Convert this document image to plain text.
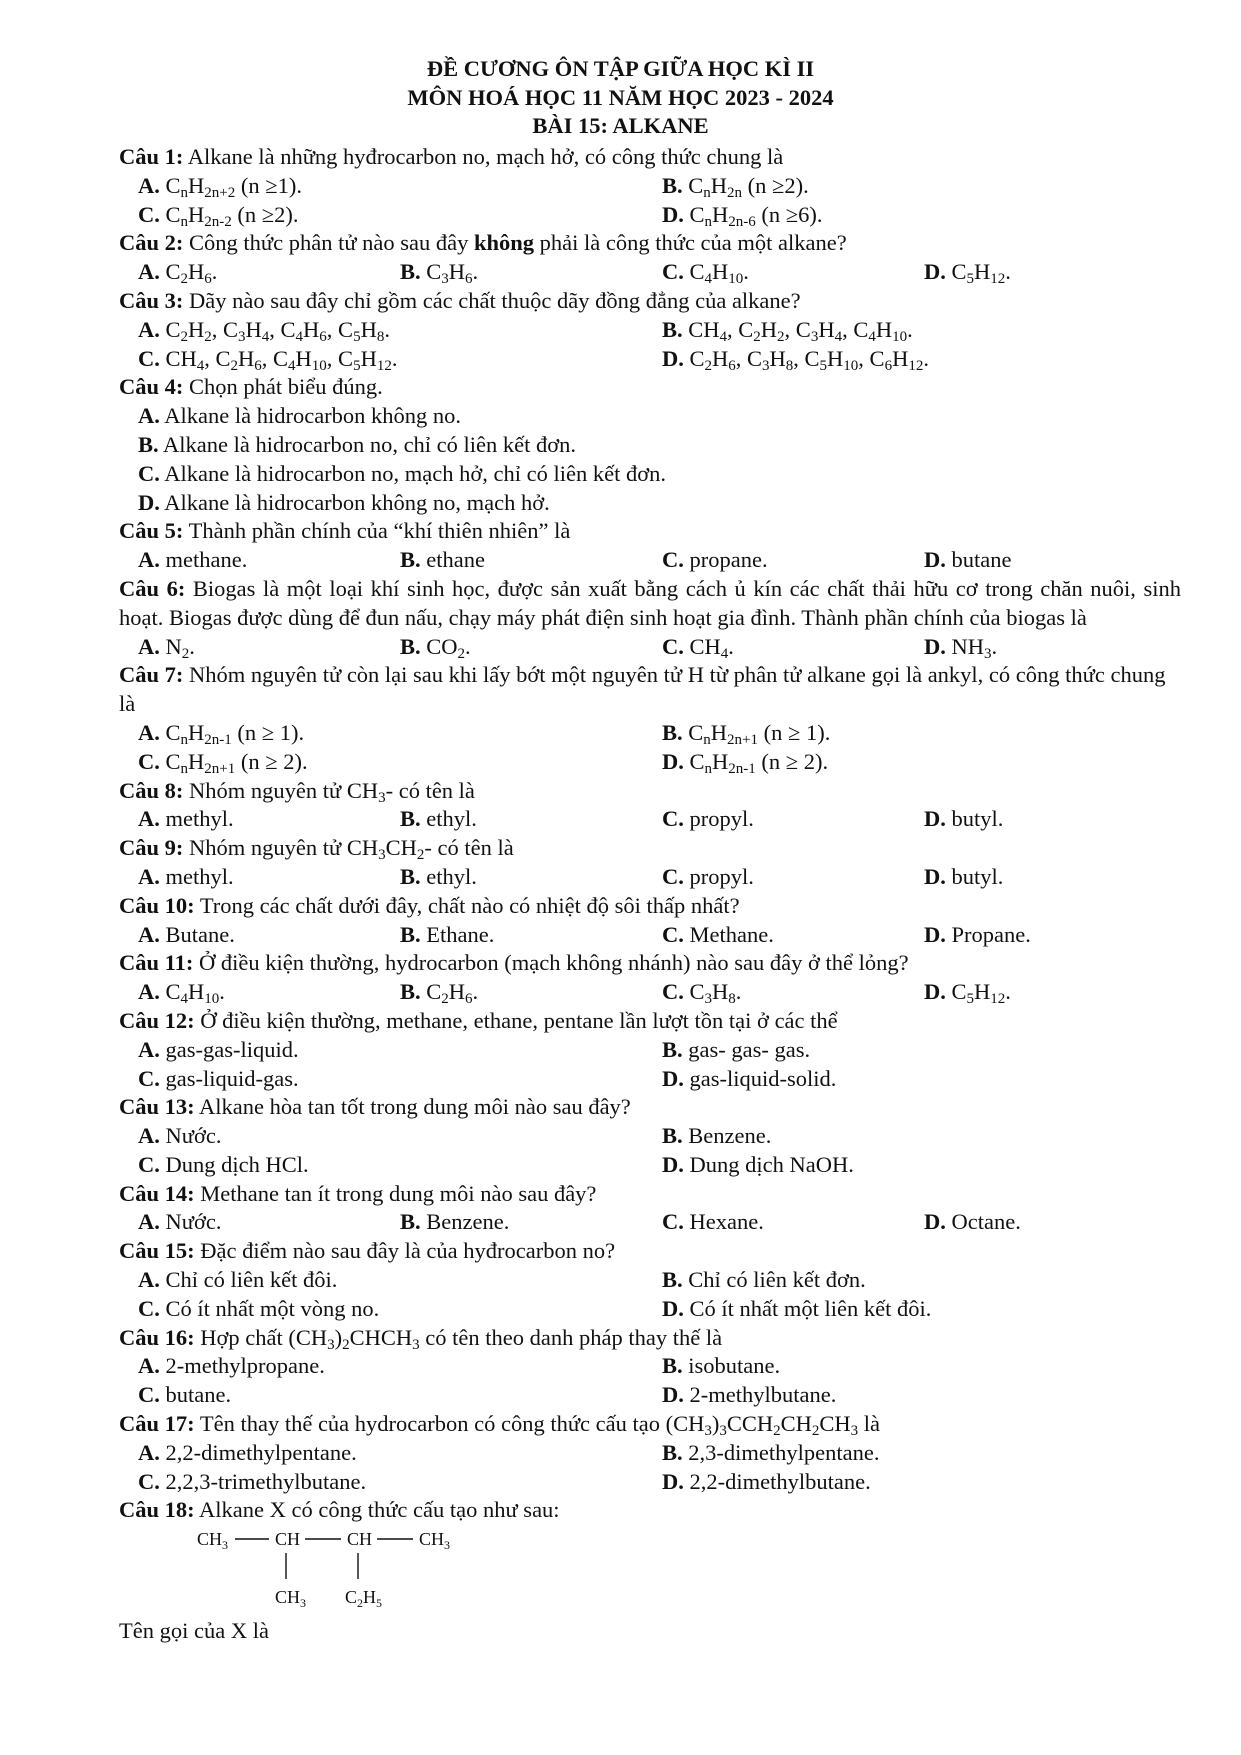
ĐỀ CƯƠNG ÔN TẬP GIỮA HỌC KÌ II
MÔN HOÁ HỌC 11 NĂM HỌC 2023 - 2024
BÀI 15: ALKANE
Câu 1: Alkane là những hyđrocarbon no, mạch hở, có công thức chung là
A. $C_nH_{2n+2}$ (n ≥1).	B. $C_nH_{2n}$ (n ≥2).
C. $C_nH_{2n-2}$ (n ≥2).	D. $C_nH_{2n-6}$ (n ≥6).
Câu 2: Công thức phân tử nào sau đây không phải là công thức của một alkane?
A. $C_2H_6$.	B. $C_3H_6$.	C. $C_4H_{10}$.	D. $C_5H_{12}$.
Câu 3: Dãy nào sau đây chỉ gồm các chất thuộc dãy đồng đẳng của alkane?
A. $C_2H_2$, $C_3H_4$, $C_4H_6$, $C_5H_8$.	B. $CH_4$, $C_2H_2$, $C_3H_4$, $C_4H_{10}$.
C. $CH_4$, $C_2H_6$, $C_4H_{10}$, $C_5H_{12}$.	D. $C_2H_6$, $C_3H_8$, $C_5H_{10}$, $C_6H_{12}$.
Câu 4: Chọn phát biểu đúng.
A. Alkane là hidrocarbon không no.
B. Alkane là hidrocarbon no, chỉ có liên kết đơn.
C. Alkane là hidrocarbon no, mạch hở, chỉ có liên kết đơn.
D. Alkane là hidrocarbon không no, mạch hở.
Câu 5: Thành phần chính của “khí thiên nhiên” là
A. methane.	B. ethane	C. propane.	D. butane
Câu 6: Biogas là một loại khí sinh học, được sản xuất bằng cách ủ kín các chất thải hữu cơ trong chăn nuôi, sinh hoạt. Biogas được dùng để đun nấu, chạy máy phát điện sinh hoạt gia đình. Thành phần chính của biogas là
A. $N_2$.	B. $CO_2$.	C. $CH_4$.	D. $NH_3$.
Câu 7: Nhóm nguyên tử còn lại sau khi lấy bớt một nguyên tử H từ phân tử alkane gọi là ankyl, có công thức chung là
A. $C_nH_{2n-1}$ (n ≥ 1).	B. $C_nH_{2n+1}$ (n ≥ 1).
C. $C_nH_{2n+1}$ (n ≥ 2).	D. $C_nH_{2n-1}$ (n ≥ 2).
Câu 8: Nhóm nguyên tử $CH_3-$ có tên là
A. methyl.	B. ethyl.	C. propyl.	D. butyl.
Câu 9: Nhóm nguyên tử $CH_3CH_2-$ có tên là
A. methyl.	B. ethyl.	C. propyl.	D. butyl.
Câu 10: Trong các chất dưới đây, chất nào có nhiệt độ sôi thấp nhất?
A. Butane.	B. Ethane.	C. Methane.	D. Propane.
Câu 11: Ở điều kiện thường, hydrocarbon (mạch không nhánh) nào sau đây ở thể lỏng?
A. $C_4H_{10}$.	B. $C_2H_6$.	C. $C_3H_8$.	D. $C_5H_{12}$.
Câu 12: Ở điều kiện thường, methane, ethane, pentane lần lượt tồn tại ở các thể
A. gas-gas-liquid.	B. gas- gas- gas.
C. gas-liquid-gas.	D. gas-liquid-solid.
Câu 13: Alkane hòa tan tốt trong dung môi nào sau đây?
A. Nước.	B. Benzene.
C. Dung dịch HCl.	D. Dung dịch NaOH.
Câu 14: Methane tan ít trong dung môi nào sau đây?
A. Nước.	B. Benzene.	C. Hexane.	D. Octane.
Câu 15: Đặc điểm nào sau đây là của hyđrocarbon no?
A. Chỉ có liên kết đôi.	B. Chỉ có liên kết đơn.
C. Có ít nhất một vòng no.	D. Có ít nhất một liên kết đôi.
Câu 16: Hợp chất $(CH_3)_2CHCH_3$ có tên theo danh pháp thay thế là
A. 2-methylpropane.	B. isobutane.
C. butane.	D. 2-methylbutane.
Câu 17: Tên thay thế của hydrocarbon có công thức cấu tạo $(CH_3)_3CCH_2CH_2CH_3$ là
A. 2,2-dimethylpentane.	B. 2,3-dimethylpentane.
C. 2,2,3-trimethylbutane.	D. 2,2-dimethylbutane.
Câu 18: Alkane X có công thức cấu tạo như sau:
$CH_3$	CH	CH	$CH_3$
$CH_3$ $C_2H_5$
Tên gọi của X là
